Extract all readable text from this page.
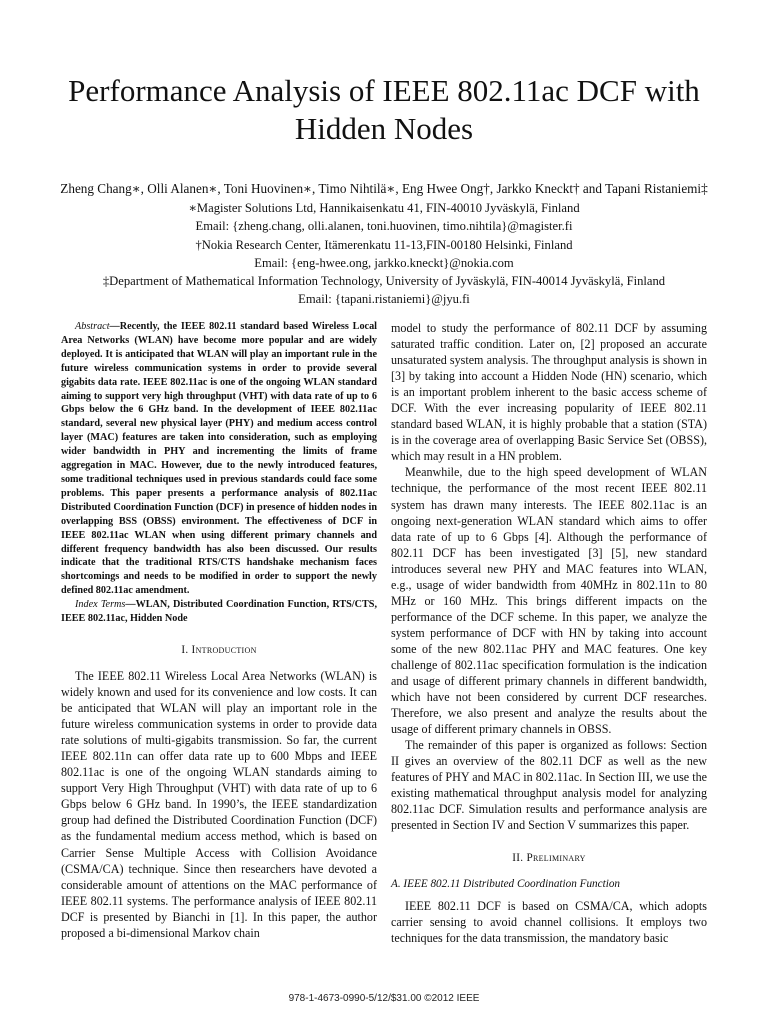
Performance Analysis of IEEE 802.11ac DCF with
Hidden Nodes
Zheng Chang∗, Olli Alanen∗, Toni Huovinen∗, Timo Nihtilä∗, Eng Hwee Ong†, Jarkko Kneckt† and Tapani Ristaniemi‡
∗Magister Solutions Ltd, Hannikaisenkatu 41, FIN-40010 Jyväskylä, Finland
Email: {zheng.chang, olli.alanen, toni.huovinen, timo.nihtila}@magister.fi
†Nokia Research Center, Itämerenkatu 11-13,FIN-00180 Helsinki, Finland
Email: {eng-hwee.ong, jarkko.kneckt}@nokia.com
‡Department of Mathematical Information Technology, University of Jyväskylä, FIN-40014 Jyväskylä, Finland
Email: {tapani.ristaniemi}@jyu.fi

Abstract—Recently, the IEEE 802.11 standard based Wireless Local Area Networks (WLAN) have become more popular and are widely deployed. It is anticipated that WLAN will play an important rule in the future wireless communication systems in order to provide several gigabits data rate. IEEE 802.11ac is one of the ongoing WLAN standard aiming to support very high throughput (VHT) with data rate of up to 6 Gbps below the 6 GHz band. In the development of IEEE 802.11ac standard, several new physical layer (PHY) and medium access control layer (MAC) features are taken into consideration, such as employing wider bandwidth in PHY and incrementing the limits of frame aggregation in MAC. However, due to the newly introduced features, some traditional techniques used in previous standards could face some problems. This paper presents a performance analysis of 802.11ac Distributed Coordination Function (DCF) in presence of hidden nodes in overlapping BSS (OBSS) environment. The effectiveness of DCF in IEEE 802.11ac WLAN when using different primary channels and different frequency bandwidth has also been discussed. Our results indicate that the traditional RTS/CTS handshake mechanism faces shortcomings and needs to be modified in order to support the newly defined 802.11ac amendment.

Index Terms—WLAN, Distributed Coordination Function, RTS/CTS, IEEE 802.11ac, Hidden Node

I. Introduction

The IEEE 802.11 Wireless Local Area Networks (WLAN) is widely known and used for its convenience and low costs. It can be anticipated that WLAN will play an important role in the future wireless communication systems in order to provide data rate solutions of multi-gigabits transmission. So far, the current IEEE 802.11n can offer data rate up to 600 Mbps and IEEE 802.11ac is one of the ongoing WLAN standards aiming to support Very High Throughput (VHT) with data rate of up to 6 Gbps below 6 GHz band. In 1990’s, the IEEE standardization group had defined the Distributed Coordination Function (DCF) as the fundamental medium access method, which is based on Carrier Sense Multiple Access with Collision Avoidance (CSMA/CA) technique. Since then researchers have devoted a considerable amount of attentions on the MAC performance of IEEE 802.11 systems. The performance analysis of IEEE 802.11 DCF is presented by Bianchi in [1]. In this paper, the author proposed a bi-dimensional Markov chain

model to study the performance of 802.11 DCF by assuming saturated traffic condition. Later on, [2] proposed an accurate unsaturated system analysis. The throughput analysis is shown in [3] by taking into account a Hidden Node (HN) scenario, which is an important problem inherent to the basic access scheme of DCF. With the ever increasing popularity of IEEE 802.11 standard based WLAN, it is highly probable that a station (STA) is in the coverage area of overlapping Basic Service Set (OBSS), which may result in a HN problem.

Meanwhile, due to the high speed development of WLAN technique, the performance of the most recent IEEE 802.11 system has drawn many interests. The IEEE 802.11ac is an ongoing next-generation WLAN standard which aims to offer data rate of up to 6 Gbps [4]. Although the performance of 802.11 DCF has been investigated [3] [5], new standard introduces several new PHY and MAC features into WLAN, e.g., usage of wider bandwidth from 40MHz in 802.11n to 80 MHz or 160 MHz. This brings different impacts on the performance of the DCF scheme. In this paper, we analyze the system performance of DCF with HN by taking into account some of the new 802.11ac PHY and MAC features. One key challenge of 802.11ac specification formulation is the indication and usage of different primary channels in different bandwidth, which have not been considered by current DCF researches. Therefore, we also present and analyze the results about the usage of different primary channels in OBSS.

The remainder of this paper is organized as follows: Section II gives an overview of the 802.11 DCF as well as the new features of PHY and MAC in 802.11ac. In Section III, we use the existing mathematical throughput analysis model for analyzing 802.11ac DCF. Simulation results and performance analysis are presented in Section IV and Section V summarizes this paper.

II. Preliminary
A. IEEE 802.11 Distributed Coordination Function

IEEE 802.11 DCF is based on CSMA/CA, which adopts carrier sensing to avoid channel collisions. It employs two techniques for the data transmission, the mandatory basic

978-1-4673-0990-5/12/$31.00 ©2012 IEEE
